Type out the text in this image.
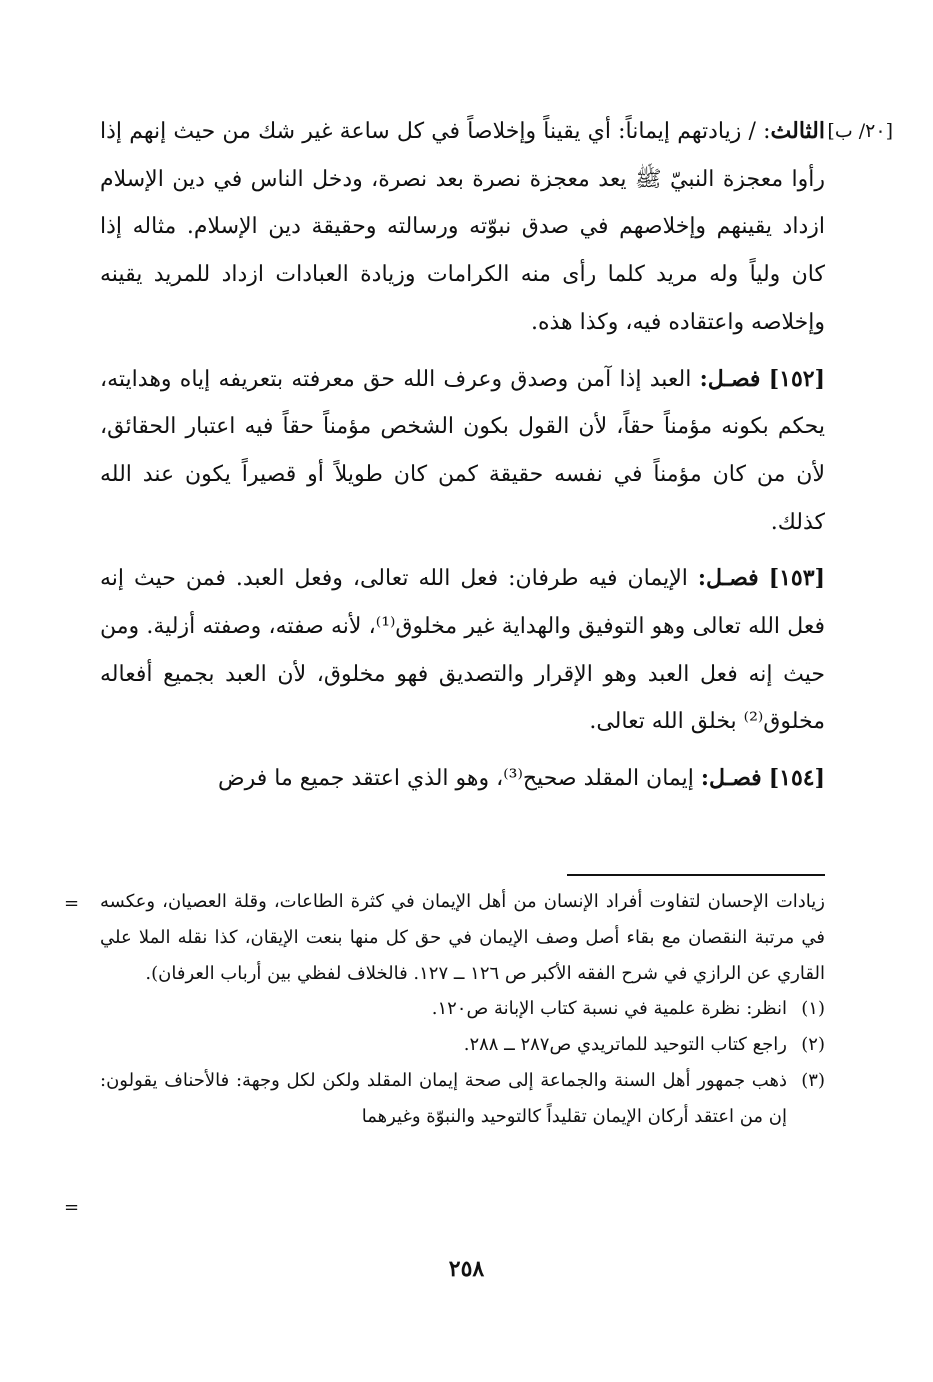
[٢٠/ ب]

الثالث: / زيادتهم إيماناً: أي يقيناً وإخلاصاً في كل ساعة غير شك من حيث إنهم إذا رأوا معجزة النبيّ ﷺ يعد معجزة نصرة بعد نصرة، ودخل الناس في دين الإسلام ازداد يقينهم وإخلاصهم في صدق نبوّته ورسالته وحقيقة دين الإسلام. مثاله إذا كان ولياً وله مريد كلما رأى منه الكرامات وزيادة العبادات ازداد للمريد يقينه وإخلاصه واعتقاده فيه، وكذا هذه.

[١٥٢] فصـل: العبد إذا آمن وصدق وعرف الله حق معرفته بتعريفه إياه وهدايته، يحكم بكونه مؤمناً حقاً، لأن القول بكون الشخص مؤمناً حقاً فيه اعتبار الحقائق، لأن من كان مؤمناً في نفسه حقيقة كمن كان طويلاً أو قصيراً يكون عند الله كذلك.

[١٥٣] فصـل: الإيمان فيه طرفان: فعل الله تعالى، وفعل العبد. فمن حيث إنه فعل الله تعالى وهو التوفيق والهداية غير مخلوق⁽¹⁾، لأنه صفته، وصفته أزلية. ومن حيث إنه فعل العبد وهو الإقرار والتصديق فهو مخلوق، لأن العبد بجميع أفعاله مخلوق⁽²⁾ بخلق الله تعالى.

[١٥٤] فصـل: إيمان المقلد صحيح⁽³⁾، وهو الذي اعتقد جميع ما فرض

= زيادات الإحسان لتفاوت أفراد الإنسان من أهل الإيمان في كثرة الطاعات، وقلة العصيان، وعكسه في مرتبة النقصان مع بقاء أصل وصف الإيمان في حق كل منها بنعت الإيقان، كذا نقله الملا علي القاري عن الرازي في شرح الفقه الأكبر ص ١٢٦ ــ ١٢٧. فالخلاف لفظي بين أرباب العرفان).

(١)
انظر: نظرة علمية في نسبة كتاب الإبانة ص١٢٠.
(٢)
راجع كتاب التوحيد للماتريدي ص٢٨٧ ــ ٢٨٨.
(٣)
ذهب جمهور أهل السنة والجماعة إلى صحة إيمان المقلد ولكن لكل وجهة: فالأحناف يقولون: إن من اعتقد أركان الإيمان تقليداً كالتوحيد والنبوّة وغيرهما
=
٢٥٨
